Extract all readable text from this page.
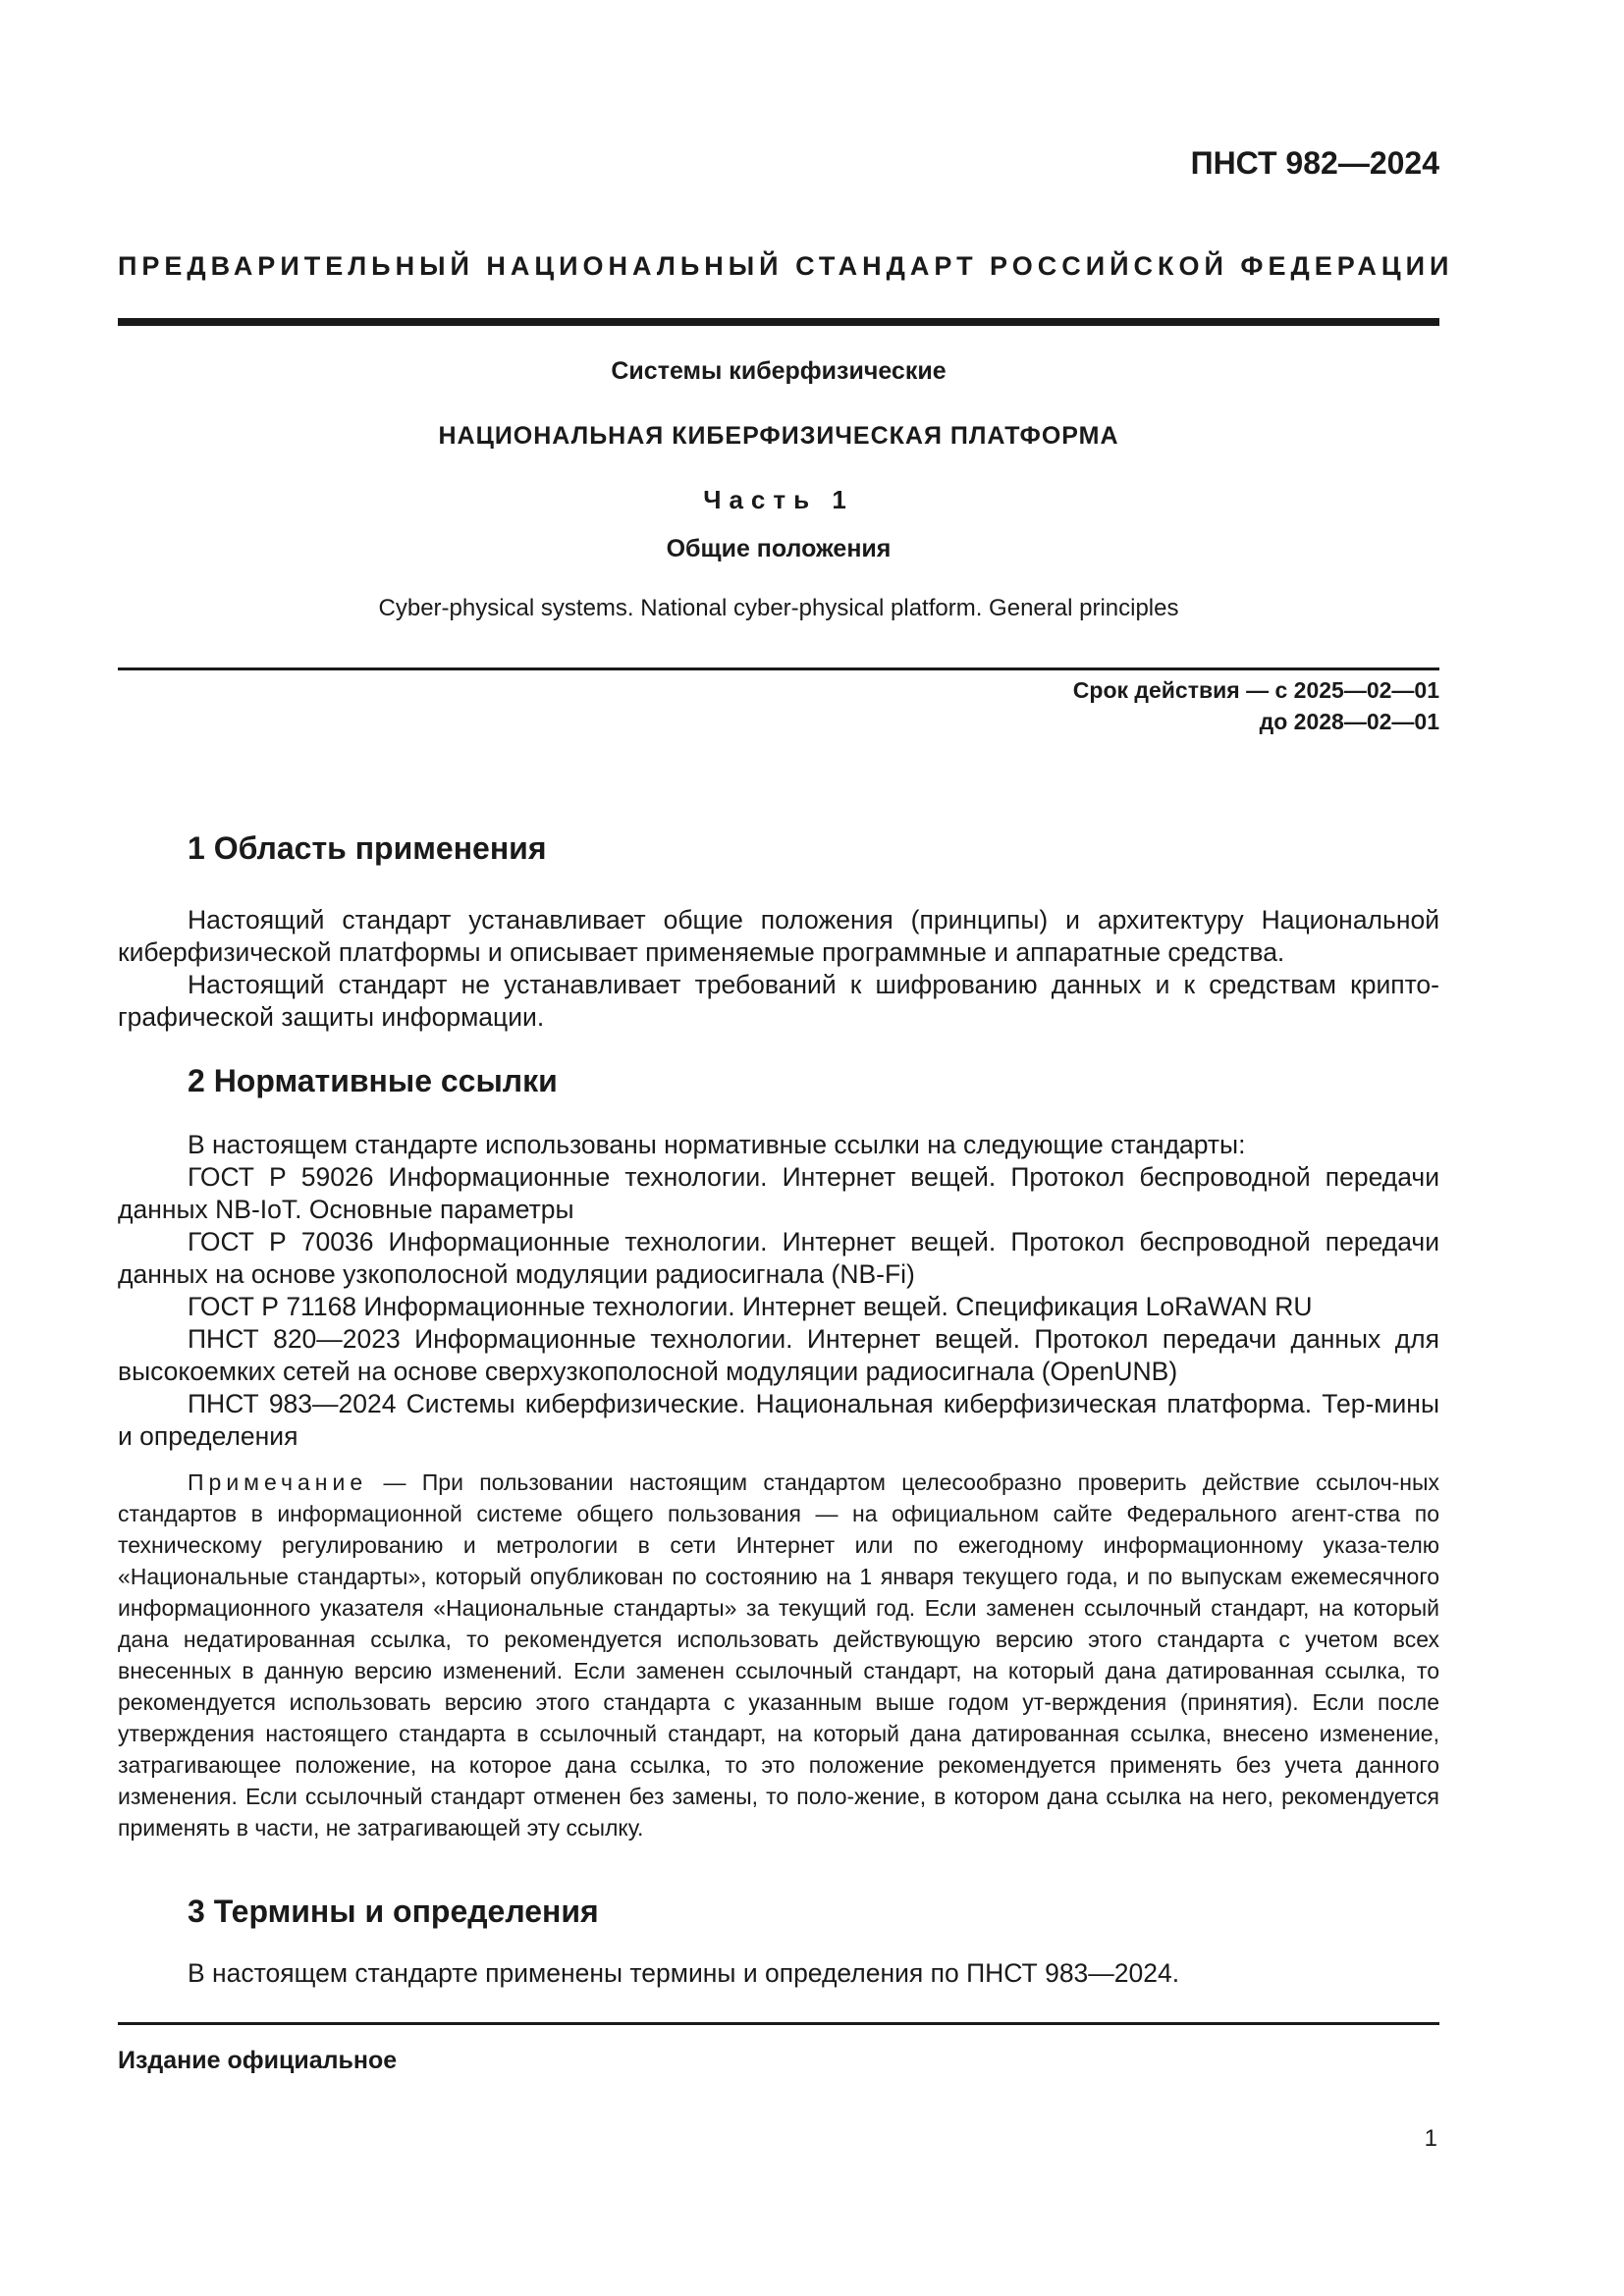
ПНСТ 982—2024
ПРЕДВАРИТЕЛЬНЫЙ НАЦИОНАЛЬНЫЙ СТАНДАРТ РОССИЙСКОЙ ФЕДЕРАЦИИ
Системы киберфизические
НАЦИОНАЛЬНАЯ КИБЕРФИЗИЧЕСКАЯ ПЛАТФОРМА
Часть 1
Общие положения
Cyber-physical systems. National cyber-physical platform. General principles
Срок действия — с 2025—02—01
до 2028—02—01
1 Область применения

Настоящий стандарт устанавливает общие положения (принципы) и архитектуру Национальной киберфизической платформы и описывает применяемые программные и аппаратные средства.

Настоящий стандарт не устанавливает требований к шифрованию данных и к средствам крипто-графической защиты информации.

2 Нормативные ссылки

В настоящем стандарте использованы нормативные ссылки на следующие стандарты:

ГОСТ Р 59026 Информационные технологии. Интернет вещей. Протокол беспроводной передачи данных NB-IoT. Основные параметры

ГОСТ Р 70036 Информационные технологии. Интернет вещей. Протокол беспроводной передачи данных на основе узкополосной модуляции радиосигнала (NB-Fi)

ГОСТ Р 71168 Информационные технологии. Интернет вещей. Спецификация LoRaWAN RU

ПНСТ 820—2023 Информационные технологии. Интернет вещей. Протокол передачи данных для высокоемких сетей на основе сверхузкополосной модуляции радиосигнала (OpenUNB)

ПНСТ 983—2024 Системы киберфизические. Национальная киберфизическая платформа. Тер-мины и определения

Примечание — При пользовании настоящим стандартом целесообразно проверить действие ссылоч-ных стандартов в информационной системе общего пользования — на официальном сайте Федерального агент-ства по техническому регулированию и метрологии в сети Интернет или по ежегодному информационному указа-телю «Национальные стандарты», который опубликован по состоянию на 1 января текущего года, и по выпускам ежемесячного информационного указателя «Национальные стандарты» за текущий год. Если заменен ссылочный стандарт, на который дана недатированная ссылка, то рекомендуется использовать действующую версию этого стандарта с учетом всех внесенных в данную версию изменений. Если заменен ссылочный стандарт, на который дана датированная ссылка, то рекомендуется использовать версию этого стандарта с указанным выше годом ут-верждения (принятия). Если после утверждения настоящего стандарта в ссылочный стандарт, на который дана датированная ссылка, внесено изменение, затрагивающее положение, на которое дана ссылка, то это положение рекомендуется применять без учета данного изменения. Если ссылочный стандарт отменен без замены, то поло-жение, в котором дана ссылка на него, рекомендуется применять в части, не затрагивающей эту ссылку.

3 Термины и определения

В настоящем стандарте применены термины и определения по ПНСТ 983—2024.

Издание официальное
1
